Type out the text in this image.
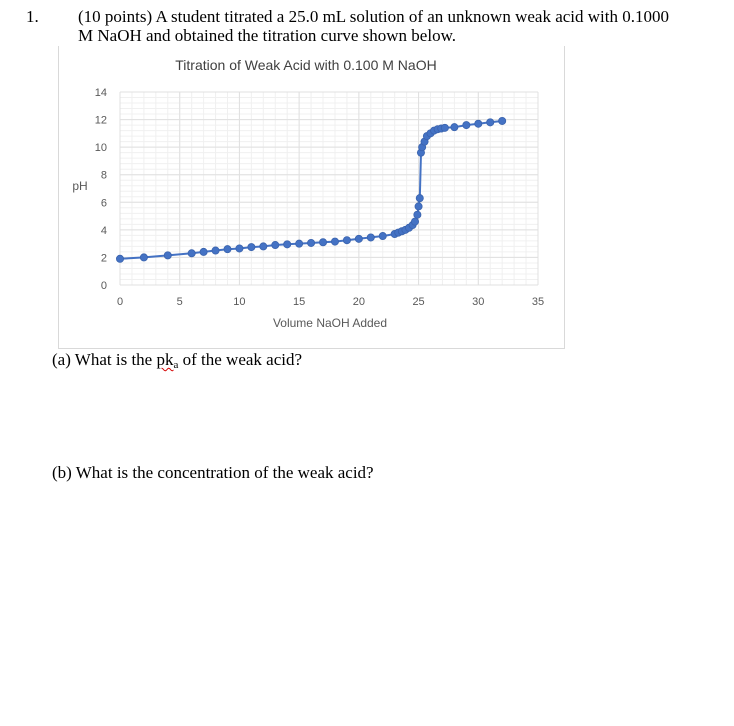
1. (10 points) A student titrated a 25.0 mL solution of an unknown weak acid with 0.1000
M NaOH and obtained the titration curve shown below.
0
2
4
6
8
10
12
14
0	5	10	15	20	25	30	35
Titration of Weak Acid with 0.100 M NaOH
Volume NaOH Added
pH
(a) What is the pka of the weak acid?
(b) What is the concentration of the weak acid?
